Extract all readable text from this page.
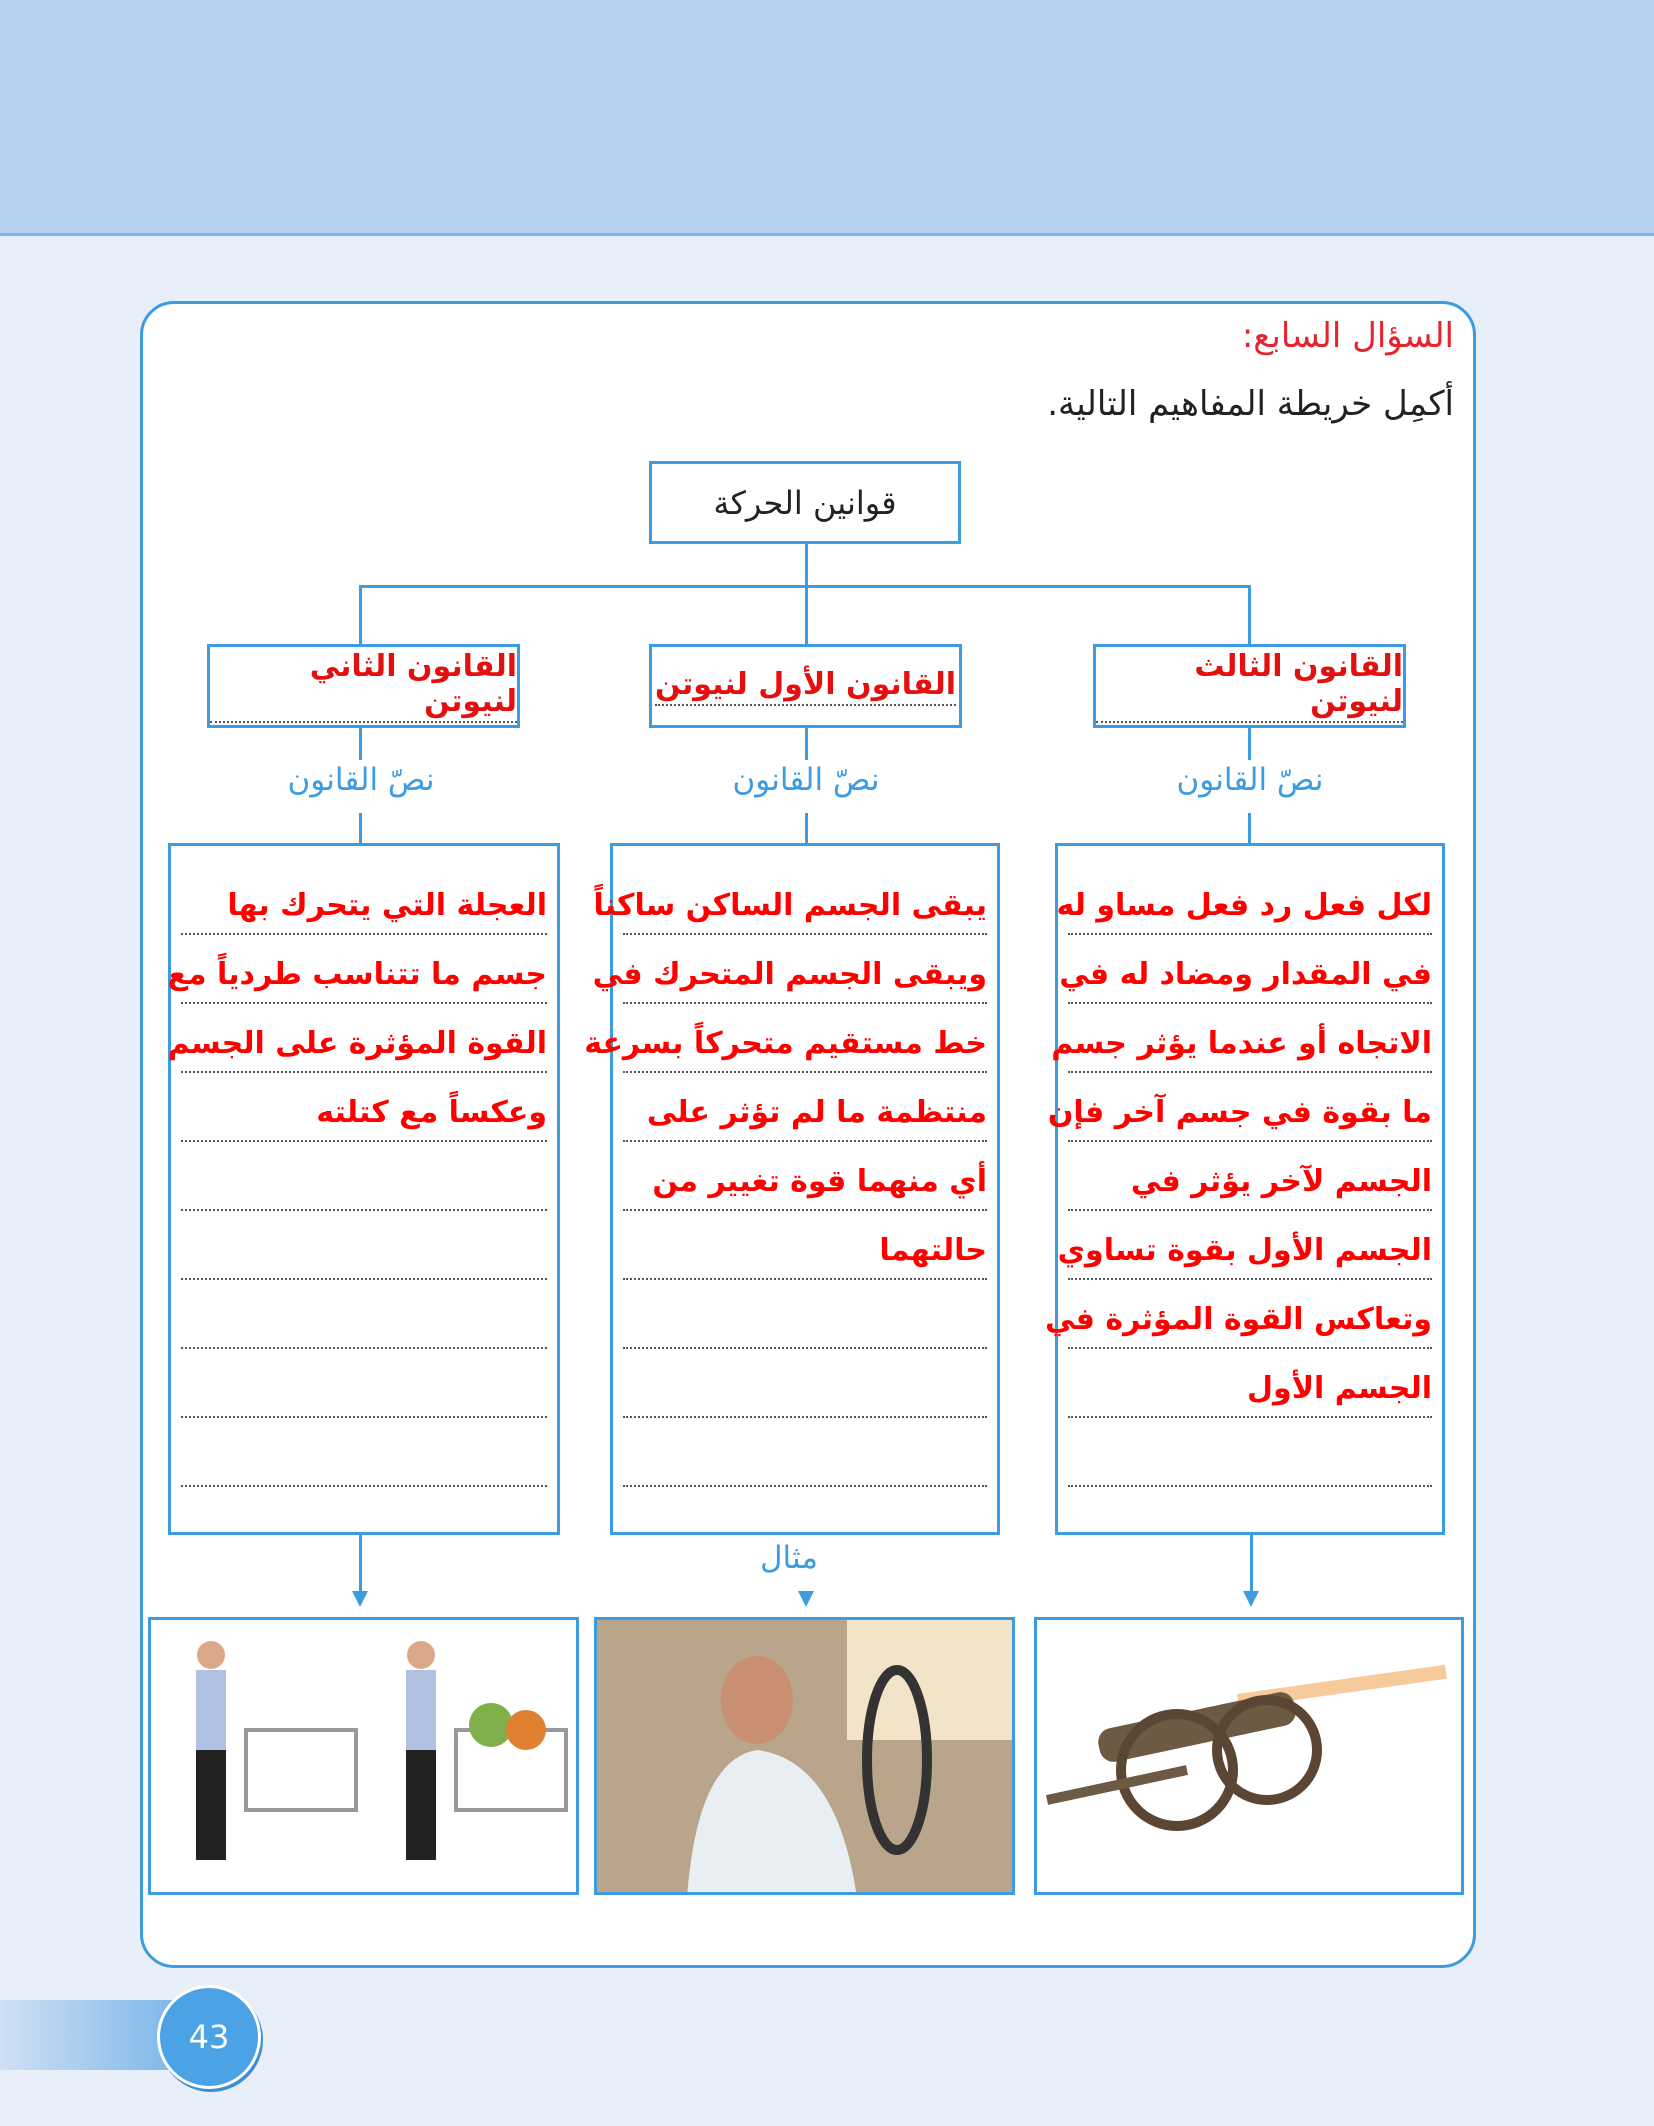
السؤال السابع:
أكمِل خريطة المفاهيم التالية.
قوانين الحركة
القانون الثالث لنيوتن
القانون الأول لنيوتن
القانون الثاني لنيوتن
نصّ القانون
نصّ القانون
نصّ القانون
لكل فعل رد فعل مساو له
في المقدار ومضاد له في
الاتجاه أو عندما يؤثر جسم
ما بقوة في جسم آخر فإن
الجسم لآخر يؤثر في
الجسم الأول بقوة تساوي
وتعاكس القوة المؤثرة في
الجسم الأول
يبقى الجسم الساكن ساكناً
ويبقى الجسم المتحرك في
خط مستقيم متحركاً بسرعة
منتظمة ما لم تؤثر على
أي منهما قوة تغيير من
حالتهما
العجلة التي يتحرك بها
جسم ما تتناسب طردياً مع
القوة المؤثرة على الجسم
وعكساً مع كتلته
مثال
43
